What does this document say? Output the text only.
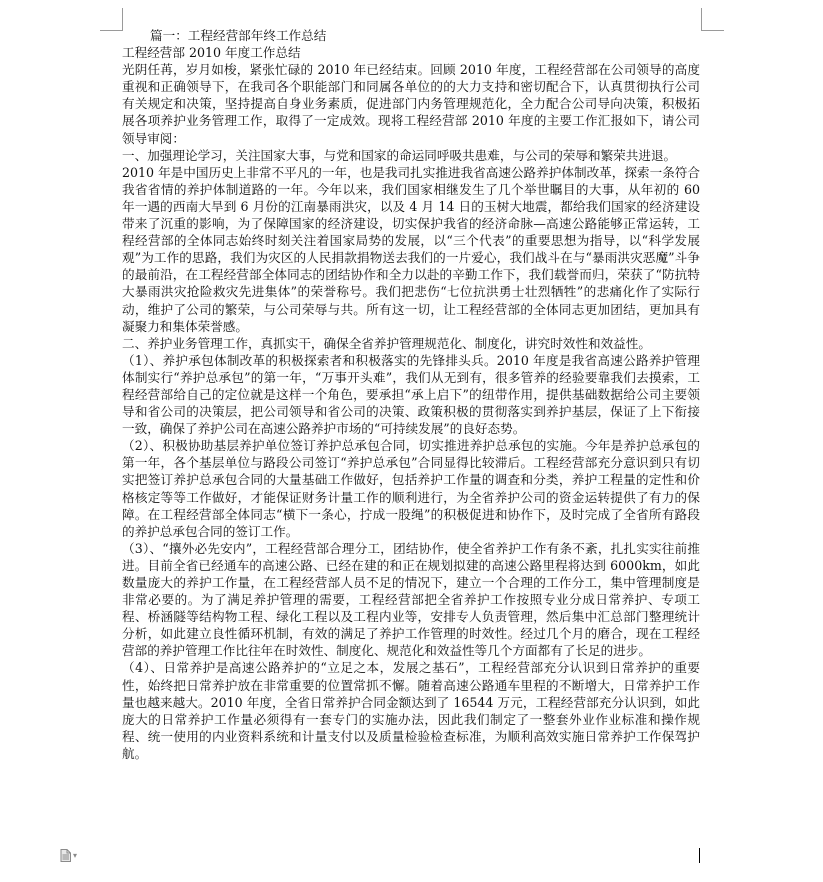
篇一：工程经营部年终工作总结

工程经营部 2010 年度工作总结

光阴任苒，岁月如梭，紧张忙碌的 2010 年已经结束。回顾 2010 年度，工程经营部在公司领导的高度重视和正确领导下，在我司各个职能部门和同属各单位的的大力支持和密切配合下，认真贯彻执行公司有关规定和决策，坚持提高自身业务素质，促进部门内务管理规范化，全力配合公司导向决策，积极拓展各项养护业务管理工作，取得了一定成效。现将工程经营部 2010 年度的主要工作汇报如下，请公司领导审阅：

一、加强理论学习，关注国家大事，与党和国家的命运同呼吸共患难，与公司的荣辱和繁荣共进退。

2010 年是中国历史上非常不平凡的一年，也是我司扎实推进我省高速公路养护体制改革，探索一条符合我省省情的养护体制道路的一年。今年以来，我们国家相继发生了几个举世瞩目的大事，从年初的 60 年一遇的西南大旱到 6 月份的江南暴雨洪灾，以及 4 月 14 日的玉树大地震，都给我们国家的经济建设带来了沉重的影响，为了保障国家的经济建设，切实保护我省的经济命脉—高速公路能够正常运转，工程经营部的全体同志始终时刻关注着国家局势的发展，以“三个代表”的重要思想为指导，以“科学发展观”为工作的思路，我们为灾区的人民捐款捐物送去我们的一片爱心，我们战斗在与“暴雨洪灾恶魔”斗争的最前沿，在工程经营部全体同志的团结协作和全力以赴的辛勤工作下，我们载誉而归，荣获了“防抗特大暴雨洪灾抢险救灾先进集体”的荣誉称号。我们把悲伤“七位抗洪勇士壮烈牺牲”的悲痛化作了实际行动，维护了公司的繁荣，与公司荣辱与共。所有这一切，让工程经营部的全体同志更加团结，更加具有凝聚力和集体荣誉感。

二、养护业务管理工作，真抓实干，确保全省养护管理规范化、制度化，讲究时效性和效益性。

（1）、养护承包体制改革的积极探索者和积极落实的先锋排头兵。2010 年度是我省高速公路养护管理体制实行“养护总承包”的第一年，“万事开头难”，我们从无到有，很多管养的经验要靠我们去摸索，工程经营部给自己的定位就是这样一个角色，要承担“承上启下”的纽带作用，提供基础数据给公司主要领导和省公司的决策层，把公司领导和省公司的决策、政策积极的贯彻落实到养护基层，保证了上下衔接一致，确保了养护公司在高速公路养护市场的“可持续发展”的良好态势。

（2）、积极协助基层养护单位签订养护总承包合同，切实推进养护总承包的实施。今年是养护总承包的第一年，各个基层单位与路段公司签订“养护总承包”合同显得比较滞后。工程经营部充分意识到只有切实把签订养护总承包合同的大量基础工作做好，包括养护工作量的调查和分类，养护工程量的定性和价格核定等等工作做好，才能保证财务计量工作的顺利进行，为全省养护公司的资金运转提供了有力的保障。在工程经营部全体同志“横下一条心，拧成一股绳”的积极促进和协作下，及时完成了全省所有路段的养护总承包合同的签订工作。

（3）、“攘外必先安内”，工程经营部合理分工，团结协作，使全省养护工作有条不紊，扎扎实实往前推进。目前全省已经通车的高速公路、已经在建的和正在规划拟建的高速公路里程将达到 6000km，如此数量庞大的养护工作量，在工程经营部人员不足的情况下，建立一个合理的工作分工，集中管理制度是非常必要的。为了满足养护管理的需要，工程经营部把全省养护工作按照专业分成日常养护、专项工程、桥涵隧等结构物工程、绿化工程以及工程内业等，安排专人负责管理，然后集中汇总部门整理统计分析，如此建立良性循环机制，有效的满足了养护工作管理的时效性。经过几个月的磨合，现在工程经营部的养护管理工作比往年在时效性、制度化、规范化和效益性等几个方面都有了长足的进步。

（4）、日常养护是高速公路养护的“立足之本，发展之基石”，工程经营部充分认识到日常养护的重要性，始终把日常养护放在非常重要的位置常抓不懈。随着高速公路通车里程的不断增大，日常养护工作量也越来越大。2010 年度，全省日常养护合同金额达到了 16544 万元，工程经营部充分认识到，如此庞大的日常养护工作量必须得有一套专门的实施办法，因此我们制定了一整套外业作业标准和操作规程、统一使用的内业资料系统和计量支付以及质量检验检查标准，为顺利高效实施日常养护工作保驾护航。

▾
